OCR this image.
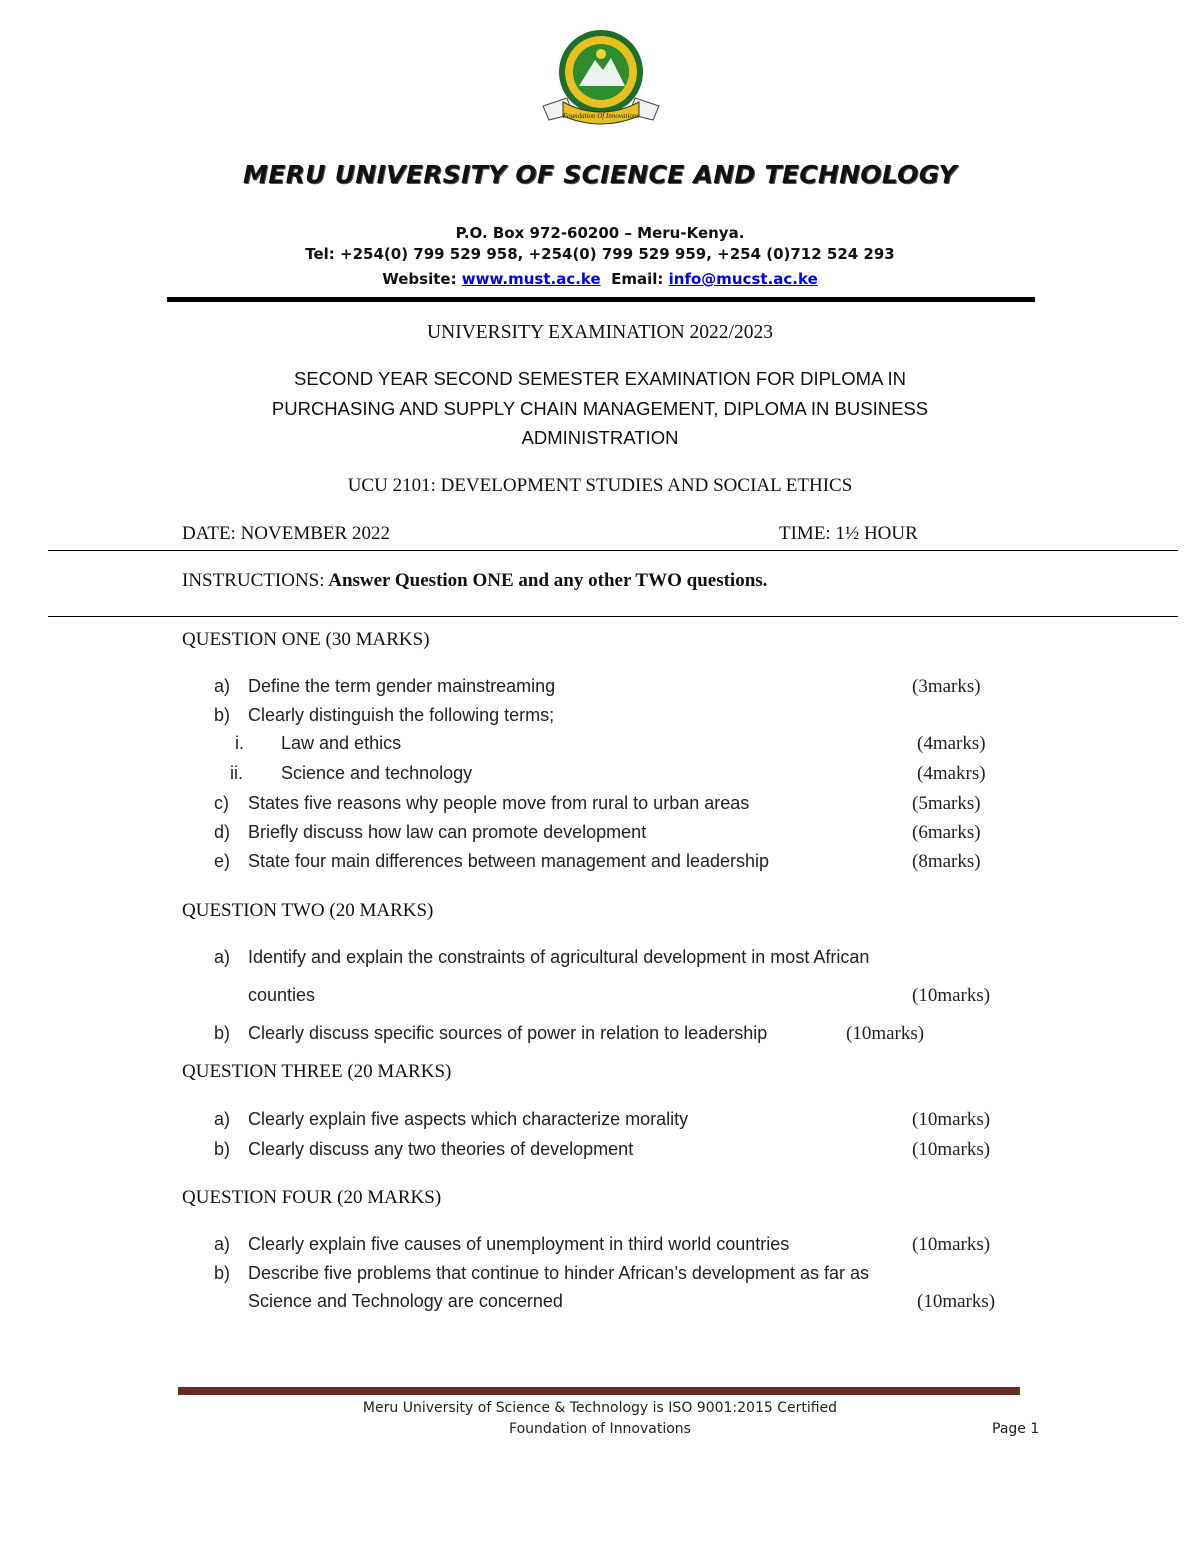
Foundation Of Innovations
MERU UNIVERSITY OF SCIENCE AND TECHNOLOGY
P.O. Box 972-60200 – Meru-Kenya.
Tel: +254(0) 799 529 958, +254(0) 799 529 959, +254 (0)712 524 293
Website: www.must.ac.ke Email: info@mucst.ac.ke
UNIVERSITY EXAMINATION 2022/2023
SECOND YEAR SECOND SEMESTER EXAMINATION FOR DIPLOMA IN
PURCHASING AND SUPPLY CHAIN MANAGEMENT, DIPLOMA IN BUSINESS
ADMINISTRATION
UCU 2101: DEVELOPMENT STUDIES AND SOCIAL ETHICS
DATE: NOVEMBER 2022	TIME: 1½ HOUR
INSTRUCTIONS: Answer Question ONE and any other TWO questions.
QUESTION ONE (30 MARKS)
a) Define the term gender mainstreaming	(3marks)
b) Clearly distinguish the following terms;
i. Law and ethics	(4marks)
ii. Science and technology	(4makrs)
c) States five reasons why people move from rural to urban areas	(5marks)
d) Briefly discuss how law can promote development	(6marks)
e) State four main differences between management and leadership	(8marks)
QUESTION TWO (20 MARKS)
a) Identify and explain the constraints of agricultural development in most African
counties	(10marks)
b) Clearly discuss specific sources of power in relation to leadership	(10marks)
QUESTION THREE (20 MARKS)
a) Clearly explain five aspects which characterize morality	(10marks)
b) Clearly discuss any two theories of development	(10marks)
QUESTION FOUR (20 MARKS)
a) Clearly explain five causes of unemployment in third world countries	(10marks)
b) Describe five problems that continue to hinder African’s development as far as
Science and Technology are concerned	(10marks)
Meru University of Science & Technology is ISO 9001:2015 Certified
Foundation of Innovations	Page 1
